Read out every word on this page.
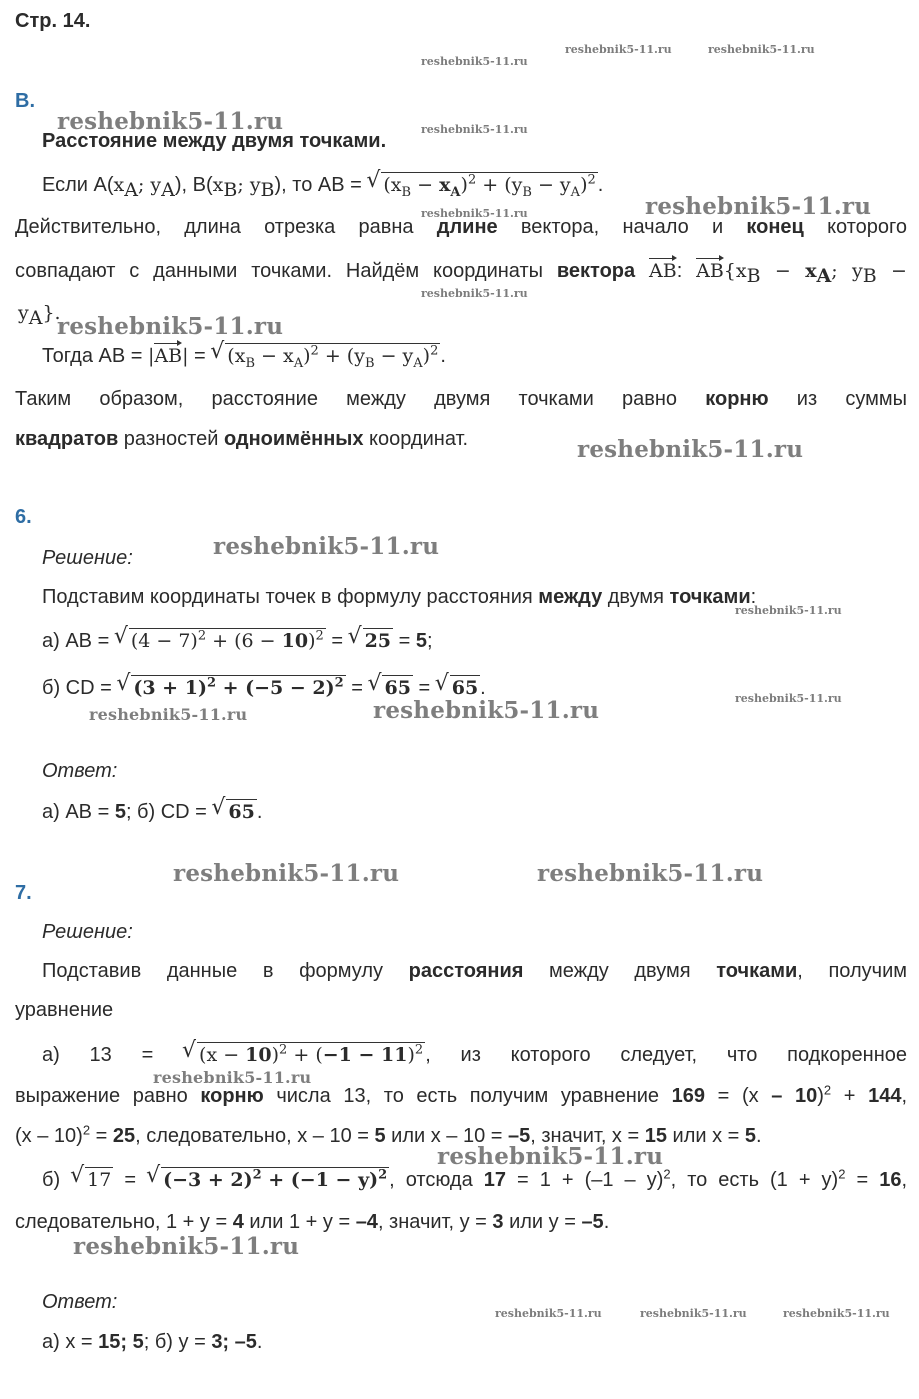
Стр. 14.
reshebnik5-11.ru	reshebnik5-11.ru
reshebnik5-11.ru
reshebnik5-11.ru
reshebnik5-11.ru
reshebnik5-11.ru
reshebnik5-11.ru
reshebnik5-11.ru
reshebnik5-11.ru	reshebnik5-11.ru	reshebnik5-11.ru
В.
reshebnik5-11.ru
Расстояние между двумя точками.
Если $A(x_A$; $y_A$), $B(x_B$; $y_B$), то AB = √ $(x_B - x_A)^2 + (y_B - y_A)^2$ .
reshebnik5-11.ru
Действительно, длина отрезка равна длине вектора, начало и конец которого
совпадают с данными точками. Найдём координаты вектора AB: $AB\{x_B - x_A$; $y_B$ −
$y_A$}.
reshebnik5-11.ru
Тогда AB = |AB| = √ $(x_B - x_A)^2 + (y_B - y_A)^2$ .
Таким образом, расстояние между двумя точками равно корню из суммы
квадратов разностей одноимённых координат.	reshebnik5-11.ru
6.
Решение:	reshebnik5-11.ru
Подставим координаты точек в формулу расстояния между двумя точками:
а) AB = √ $(4 - 7)^2 + (6 - 10)^2$ = √ 25 = 5;
б) CD = √ $(3 + 1)^2 + (-5 - 2)^2$ = √ 65 = √ 65 .
reshebnik5-11.ru	reshebnik5-11.ru
Ответ:
а) AB = 5; б) CD = √ 65 .
reshebnik5-11.ru	reshebnik5-11.ru
7.
Решение:
Подставив данные в формулу расстояния между двумя точками, получим
уравнение
а) 13 = √ $(x - 10)^2 + (-1 - 11)^2$ , из которого следует, что подкоренное
reshebnik5-11.ru
выражение равно корню числа 13, то есть получим уравнение 169 = (x – 10)$^2$ + 144,
(x – 10)$^2$ = 25, следовательно, x – 10 = 5 или x – 10 = –5, значит, x = 15 или x = 5.
reshebnik5-11.ru
б) √ 17 = √ $(-3 + 2)^2 + (-1 - y)^2$ , отсюда 17 = 1 + (–1 – y)$^2$, то есть $(1 + y)^2 = 16$,
следовательно, 1 + y = 4 или 1 + y = –4, значит, y = 3 или y = –5.
reshebnik5-11.ru
Ответ:
а) x = 15; 5; б) y = 3; –5.
